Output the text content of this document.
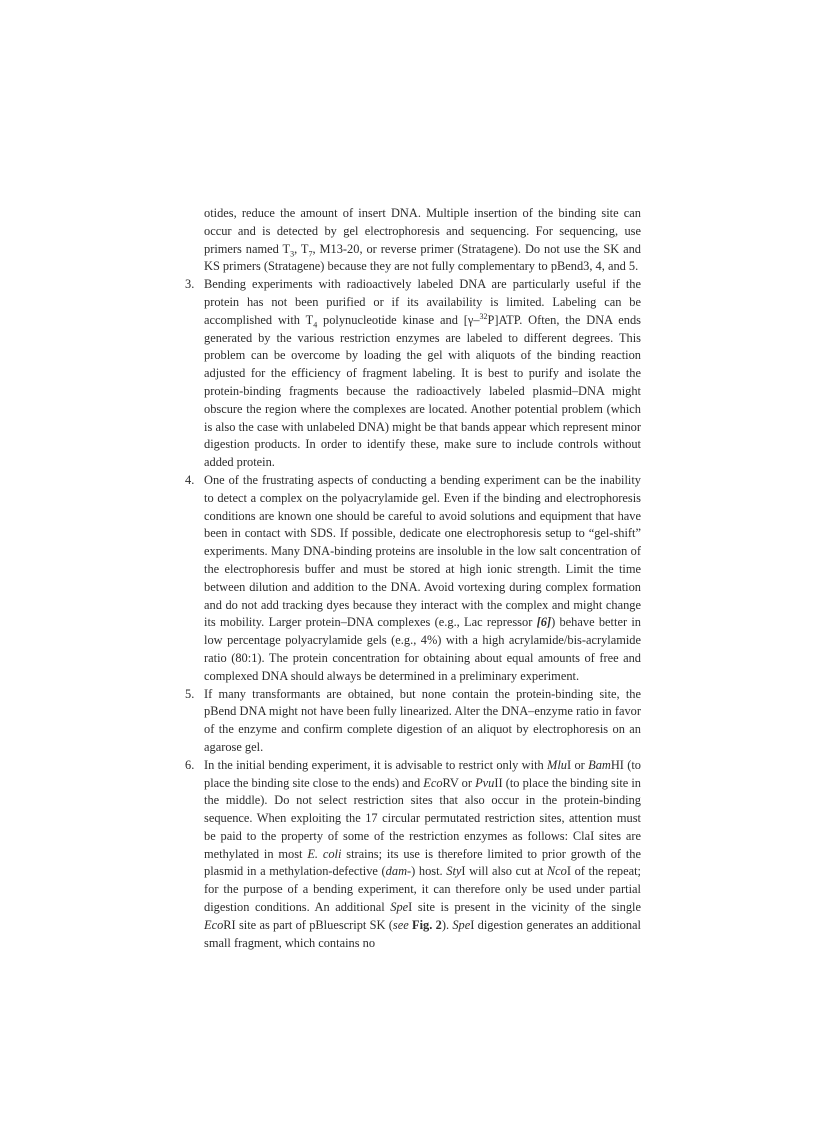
otides, reduce the amount of insert DNA. Multiple insertion of the binding site can occur and is detected by gel electrophoresis and sequencing. For sequencing, use primers named $T_3$, $T_7$, M13-20, or reverse primer (Stratagene). Do not use the SK and KS primers (Stratagene) because they are not fully complementary to pBend3, 4, and 5.

3. Bending experiments with radioactively labeled DNA are particularly useful if the protein has not been purified or if its availability is limited. Labeling can be accomplished with $T_4$ polynucleotide kinase and [γ–$^{32}$P]ATP. Often, the DNA ends generated by the various restriction enzymes are labeled to different degrees. This problem can be overcome by loading the gel with aliquots of the binding reaction adjusted for the efficiency of fragment labeling. It is best to purify and isolate the protein-binding fragments because the radioactively labeled plasmid–DNA might obscure the region where the complexes are located. Another potential problem (which is also the case with unlabeled DNA) might be that bands appear which represent minor digestion products. In order to identify these, make sure to include controls without added protein.

4. One of the frustrating aspects of conducting a bending experiment can be the inability to detect a complex on the polyacrylamide gel. Even if the binding and electrophoresis conditions are known one should be careful to avoid solutions and equipment that have been in contact with SDS. If possible, dedicate one electrophoresis setup to “gel-shift” experiments. Many DNA-binding proteins are insoluble in the low salt concentration of the electrophoresis buffer and must be stored at high ionic strength. Limit the time between dilution and addition to the DNA. Avoid vortexing during complex formation and do not add tracking dyes because they interact with the complex and might change its mobility. Larger protein–DNA complexes (e.g., Lac repressor [6]) behave better in low percentage polyacrylamide gels (e.g., 4%) with a high acrylamide/bis-acrylamide ratio (80:1). The protein concentration for obtaining about equal amounts of free and complexed DNA should always be determined in a preliminary experiment.

5. If many transformants are obtained, but none contain the protein-binding site, the pBend DNA might not have been fully linearized. Alter the DNA–enzyme ratio in favor of the enzyme and confirm complete digestion of an aliquot by electrophoresis on an agarose gel.

6. In the initial bending experiment, it is advisable to restrict only with MluI or BamHI (to place the binding site close to the ends) and EcoRV or PvuII (to place the binding site in the middle). Do not select restriction sites that also occur in the protein-binding sequence. When exploiting the 17 circular permutated restriction sites, attention must be paid to the property of some of the restriction enzymes as follows: ClaI sites are methylated in most E. coli strains; its use is therefore limited to prior growth of the plasmid in a methylation-defective (dam-) host. StyI will also cut at NcoI of the repeat; for the purpose of a bending experiment, it can therefore only be used under partial digestion conditions. An additional SpeI site is present in the vicinity of the single EcoRI site as part of pBluescript SK (see Fig. 2). SpeI digestion generates an additional small fragment, which contains no
